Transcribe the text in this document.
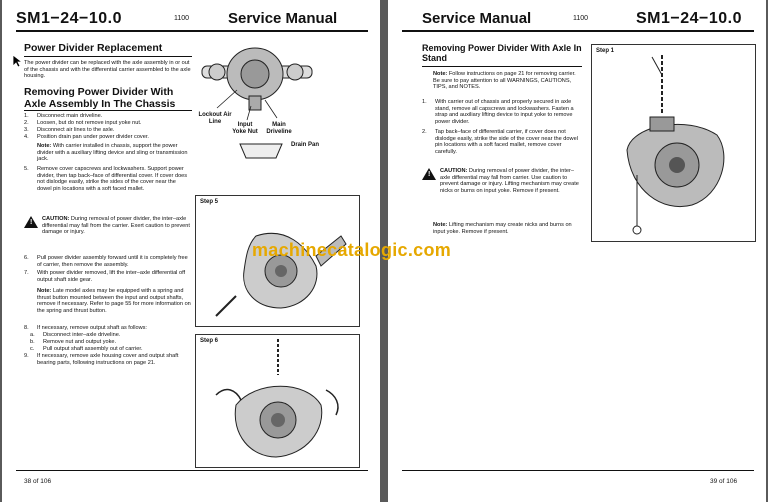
SM1−24−10.0	1100	Service Manual
Power Divider Replacement
The power divider can be replaced with the axle assembly in or out of the chassis and with the differential carrier assembled to the axle housing.
Removing Power Divider With Axle Assembly In The Chassis
1.	Disconnect main driveline.
2.	Loosen, but do not remove input yoke nut.
3.	Disconnect air lines to the axle.
4.	Position drain pan under power divider cover.
Note: With carrier installed in chassis, support the power divider with a auxiliary lifting device and sling or transmission jack.
5.	Remove cover capscrews and lockwashers. Support power divider, then tap back–face of differential cover. If cover does not dislodge easily, strike the sides of the cover near the dowel pin locations with a soft faced mallet.
! CAUTION: During removal of power divider, the inter–axle differential may fall from the carrier. Exert caution to prevent damage or injury.
6.	Pull power divider assembly forward until it is completely free of carrier, then remove the assembly.
7.	With power divider removed, lift the inter–axle differential off output shaft side gear.
Note: Late model axles may be equipped with a spring and thrust button mounted between the input and output shafts, remove if necessary. Refer to page 55 for more information on the spring and thrust button.
8.	If necessary, remove output shaft as follows:
a.	Disconnect inter–axle driveline.
b.	Remove nut and output yoke.
c.	Pull output shaft assembly out of carrier.
9.	If necessary, remove axle housing cover and output shaft bearing parts, following instructions on page 21.
Lockout Air Line	Input Yoke Nut
Main Driveline
Drain Pan
Step 5
Step 6
38 of 106
Service Manual	1100	SM1−24−10.0
Removing Power Divider With Axle In Stand
Note: Follow instructions on page 21 for removing carrier. Be sure to pay attention to all WARNINGS, CAUTIONS, TIPS, and NOTES.
1.	With carrier out of chassis and properly secured in axle stand, remove all capscrews and lockwashers. Fasten a strap and auxiliary lifting device to input yoke to remove power divider.
2.	Tap back–face of differential carrier, if cover does not dislodge easily, strike the side of the cover near the dowel pin locations with a soft faced mallet, remove cover carefully.
! CAUTION: During removal of power divider, the inter–axle differential may fall from carrier. Use caution to prevent damage or injury. Lifting mechanism may create nicks or burns on input yoke. Remove if present.
Note: Lifting mechanism may create nicks and burns on input yoke. Remove if present.
Step 1
39 of 106
machinecatalogic.com
